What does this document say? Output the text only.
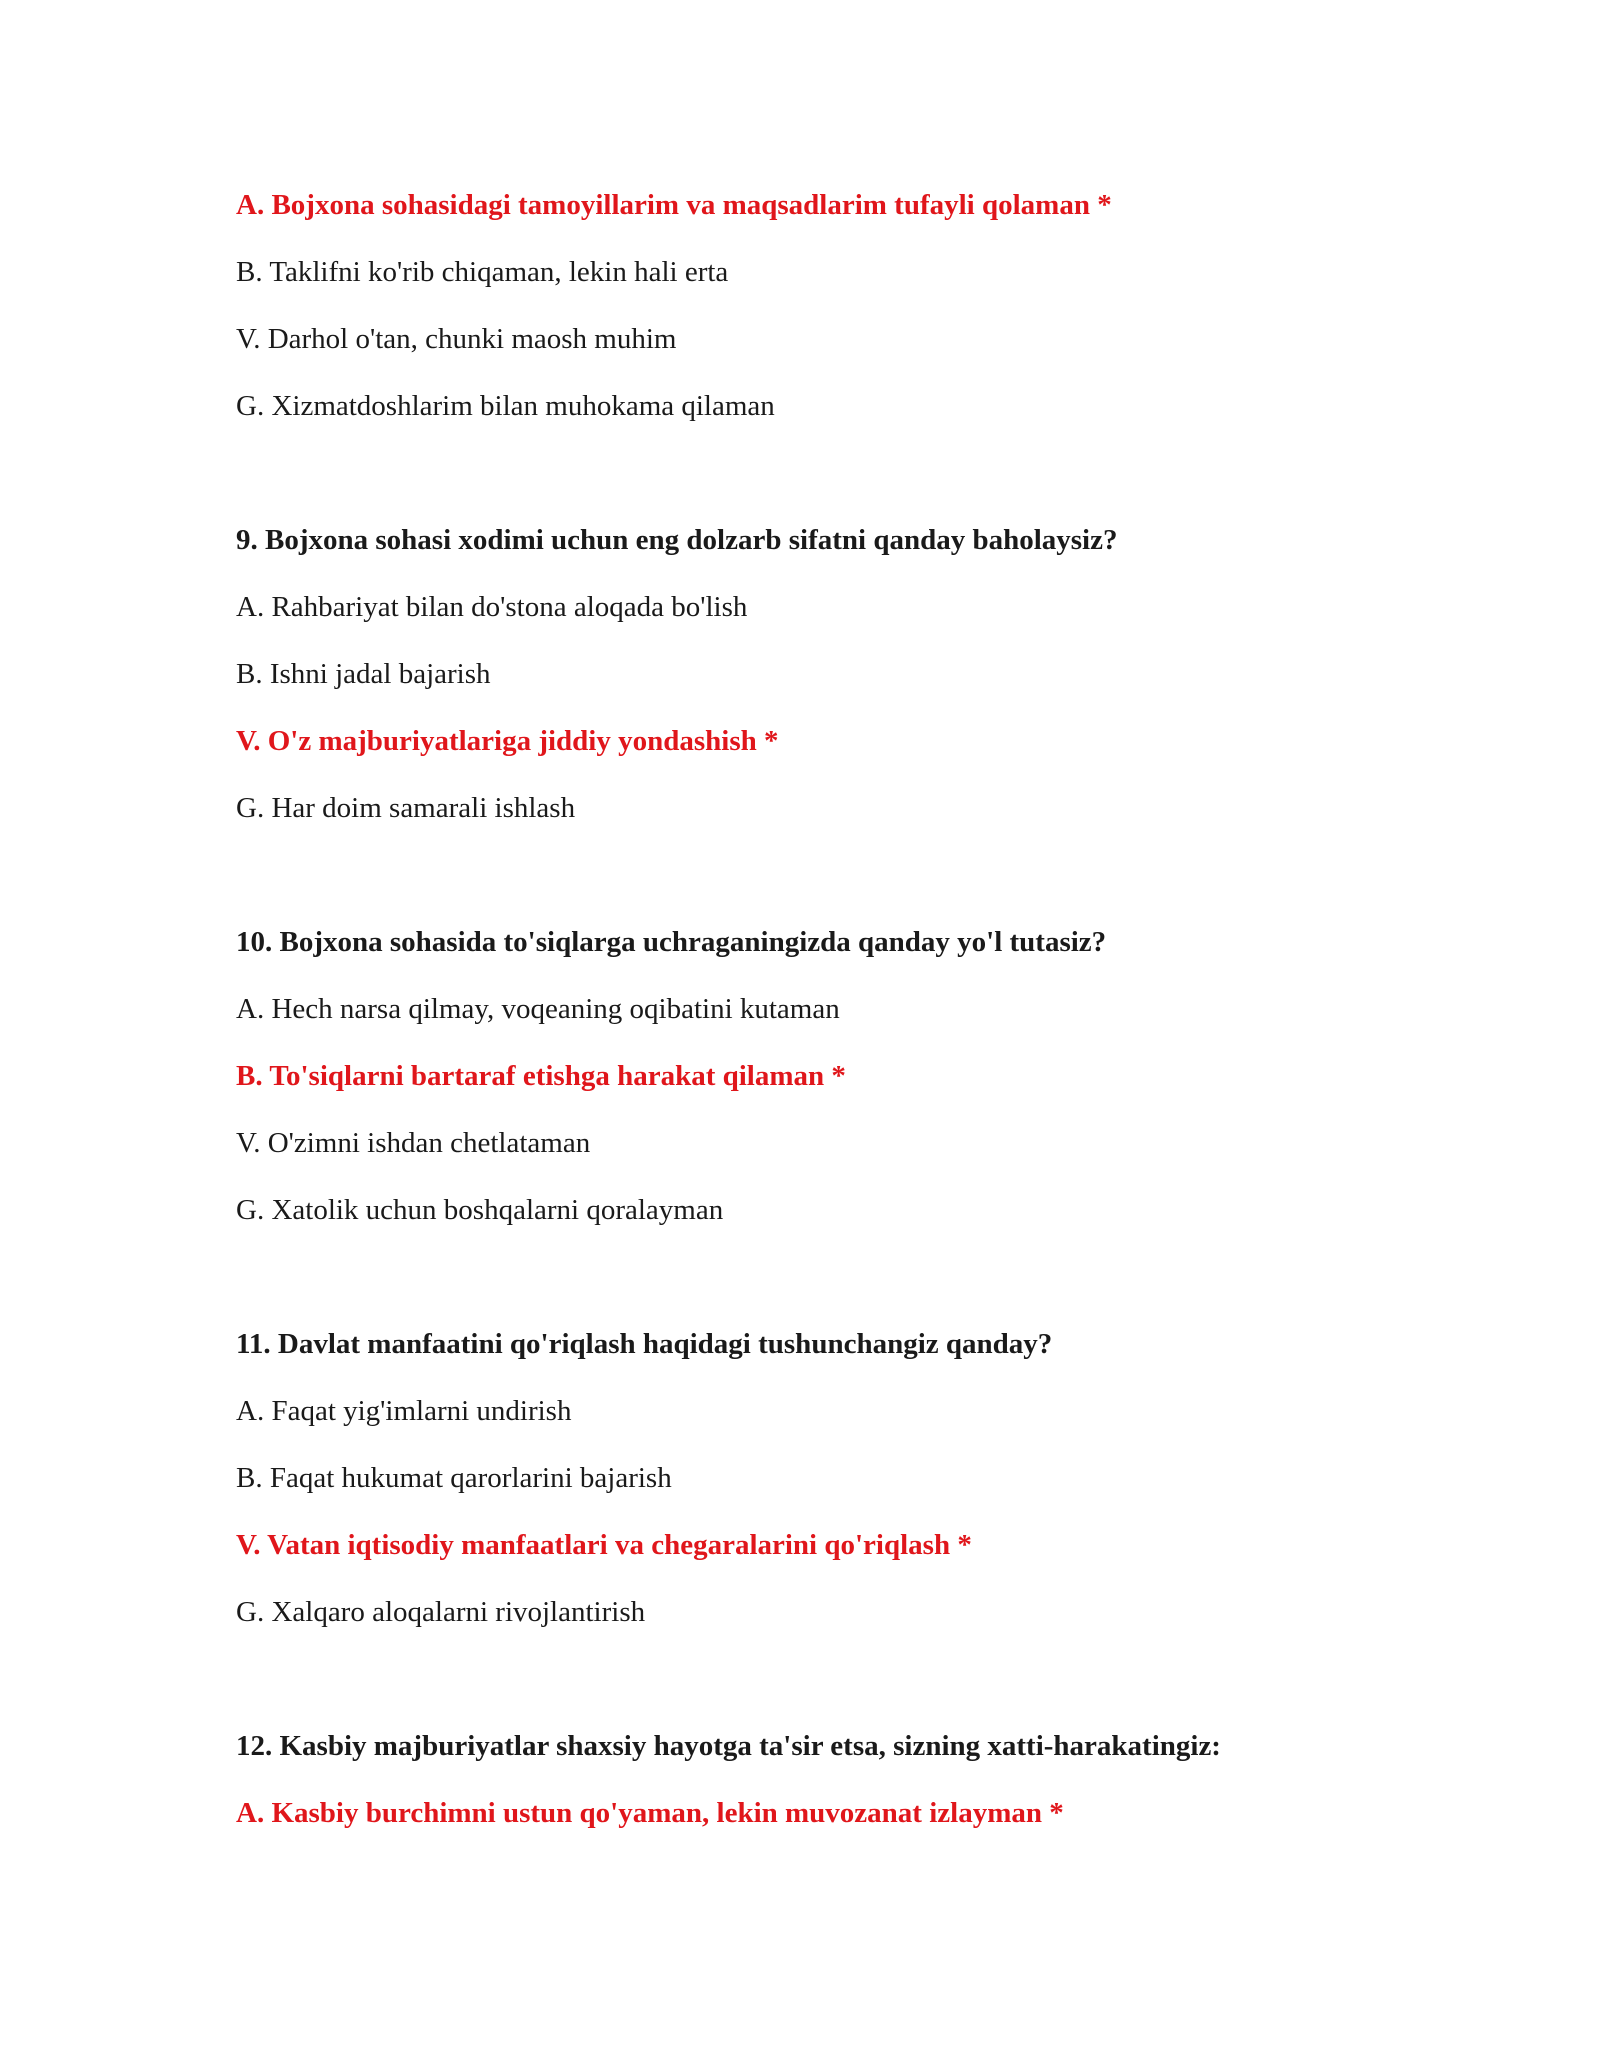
A. Bojxona sohasidagi tamoyillarim va maqsadlarim tufayli qolaman *
B. Taklifni ko'rib chiqaman, lekin hali erta
V. Darhol o'tan, chunki maosh muhim
G. Xizmatdoshlarim bilan muhokama qilaman
9. Bojxona sohasi xodimi uchun eng dolzarb sifatni qanday baholaysiz?
A. Rahbariyat bilan do'stona aloqada bo'lish
B. Ishni jadal bajarish
V. O'z majburiyatlariga jiddiy yondashish *
G. Har doim samarali ishlash
10. Bojxona sohasida to'siqlarga uchraganingizda qanday yo'l tutasiz?
A. Hech narsa qilmay, voqeaning oqibatini kutaman
B. To'siqlarni bartaraf etishga harakat qilaman *
V. O'zimni ishdan chetlataman
G. Xatolik uchun boshqalarni qoralayman
11. Davlat manfaatini qo'riqlash haqidagi tushunchangiz qanday?
A. Faqat yig'imlarni undirish
B. Faqat hukumat qarorlarini bajarish
V. Vatan iqtisodiy manfaatlari va chegaralarini qo'riqlash *
G. Xalqaro aloqalarni rivojlantirish
12. Kasbiy majburiyatlar shaxsiy hayotga ta'sir etsa, sizning xatti-harakatingiz:
A. Kasbiy burchimni ustun qo'yaman, lekin muvozanat izlayman *
